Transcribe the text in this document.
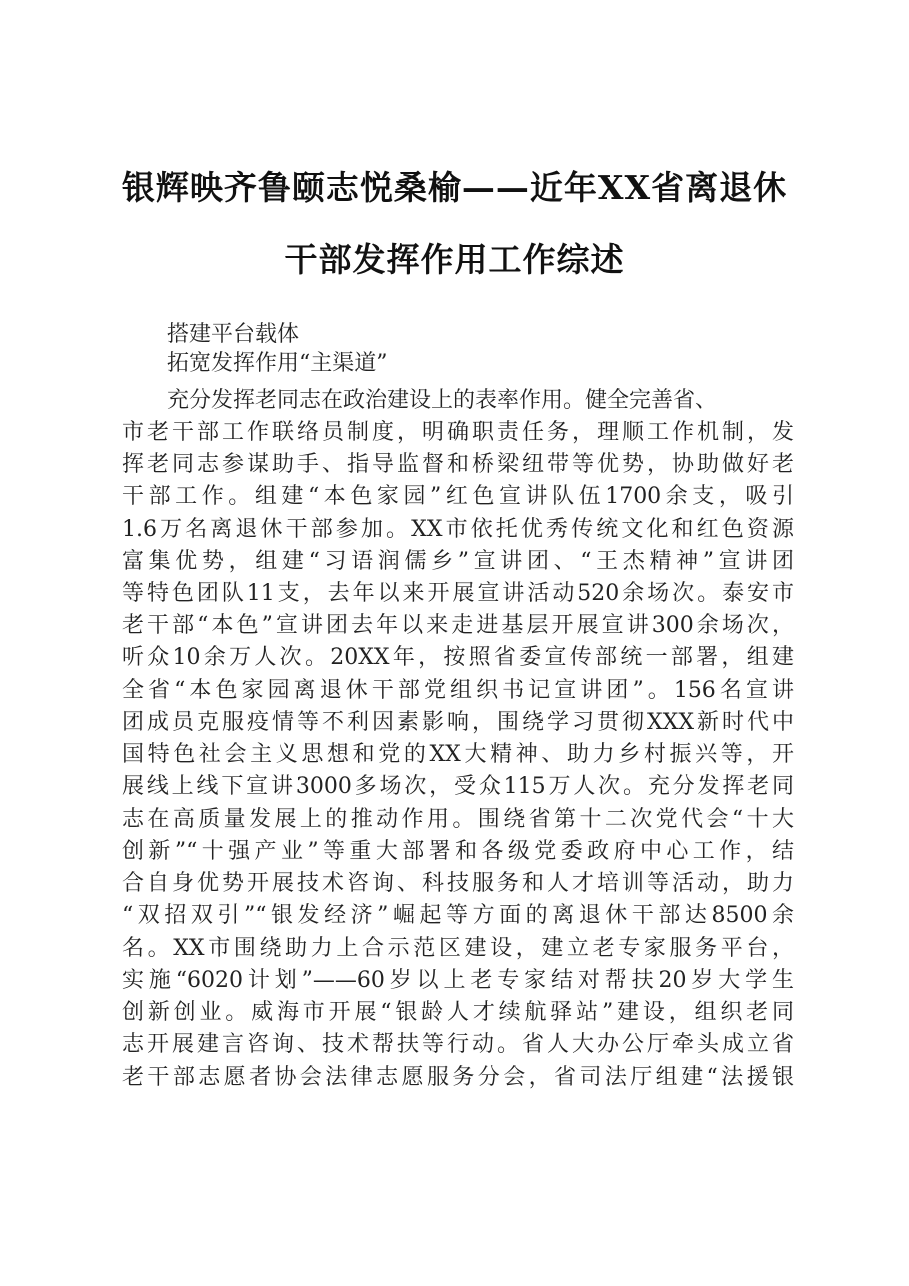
银辉映齐鲁颐志悦桑榆——近年XX省离退休
干部发挥作用工作综述
搭建平台载体
拓宽发挥作用“主渠道”
充分发挥老同志在政治建设上的表率作用。健全完善省、
市老干部工作联络员制度，明确职责任务，理顺工作机制，发
挥老同志参谋助手、指导监督和桥梁纽带等优势，协助做好老
干部工作。组建“本色家园”红色宣讲队伍1700余支，吸引
1.6万名离退休干部参加。XX市依托优秀传统文化和红色资源
富集优势，组建“习语润儒乡”宣讲团、“王杰精神”宣讲团
等特色团队11支，去年以来开展宣讲活动520余场次。泰安市
老干部“本色”宣讲团去年以来走进基层开展宣讲300余场次，
听众10余万人次。20XX年，按照省委宣传部统一部署，组建
全省“本色家园离退休干部党组织书记宣讲团”。156名宣讲
团成员克服疫情等不利因素影响，围绕学习贯彻XXX新时代中
国特色社会主义思想和党的XX大精神、助力乡村振兴等，开
展线上线下宣讲3000多场次，受众115万人次。充分发挥老同
志在高质量发展上的推动作用。围绕省第十二次党代会“十大
创新”“十强产业”等重大部署和各级党委政府中心工作，结
合自身优势开展技术咨询、科技服务和人才培训等活动，助力
“双招双引”“银发经济”崛起等方面的离退休干部达8500余
名。XX市围绕助力上合示范区建设，建立老专家服务平台，
实施“6020计划”——60岁以上老专家结对帮扶20岁大学生
创新创业。威海市开展“银龄人才续航驿站”建设，组织老同
志开展建言咨询、技术帮扶等行动。省人大办公厅牵头成立省
老干部志愿者协会法律志愿服务分会，省司法厅组建“法援银
